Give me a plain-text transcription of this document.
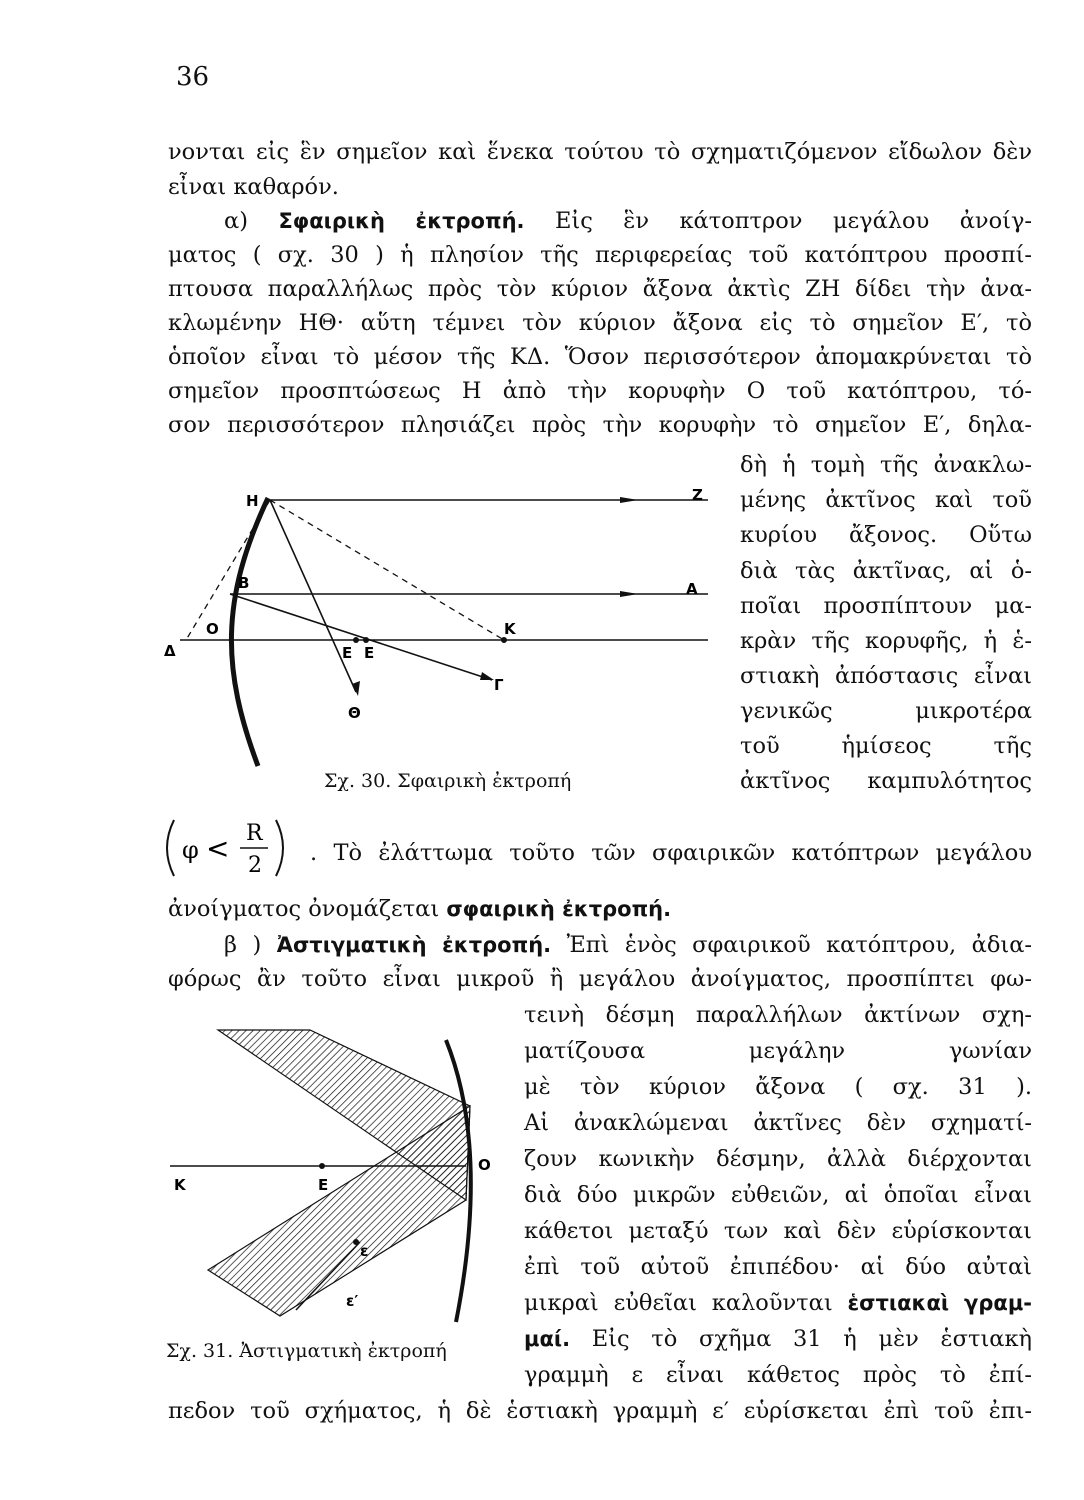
36
νονται εἰς ἓν σημεῖον καὶ ἕνεκα τούτου τὸ σχηματιζόμενον εἴδωλον δὲν
εἶναι καθαρόν.
α) Σφαιρικὴ ἐκτροπή. Εἰς ἓν κάτοπτρον μεγάλου ἀνοίγ-
ματος ( σχ. 30 ) ἡ πλησίον τῆς περιφερείας τοῦ κατόπτρου προσπί-
πτουσα παραλλήλως πρὸς τὸν κύριον ἄξονα ἀκτὶς ΖΗ δίδει τὴν ἀνα-
κλωμένην ΗΘ· αὕτη τέμνει τὸν κύριον ἄξονα εἰς τὸ σημεῖον Ε′, τὸ
ὁποῖον εἶναι τὸ μέσον τῆς ΚΔ. Ὅσον περισσότερον ἀπομακρύνεται τὸ
σημεῖον προσπτώσεως Η ἀπὸ τὴν κορυφὴν Ο τοῦ κατόπτρου, τό-
σον περισσότερον πλησιάζει πρὸς τὴν κορυφὴν τὸ σημεῖον Ε′, δηλα-
δὴ ἡ τομὴ τῆς ἀνακλω-
μένης ἀκτῖνος καὶ τοῦ
κυρίου ἄξονος. Οὕτω
διὰ τὰς ἀκτῖνας, αἱ ὁ-
ποῖαι προσπίπτουν μα-
κρὰν τῆς κορυφῆς, ἡ ἑ-
στιακὴ ἀπόστασις εἶναι
γενικῶς μικροτέρα
τοῦ ἡμίσεος τῆς
ἀκτῖνος καμπυλότητος
Η	Ζ
Β	Α
Ο	Κ
Δ	Ε Ε
Γ
Θ
Σχ. 30. Σφαιρικὴ ἐκτροπή
φ < R
2 . Τὸ ἐλάττωμα τοῦτο τῶν σφαιρικῶν κατόπτρων μεγάλου
ἀνοίγματος ὀνομάζεται σφαιρικὴ ἐκτροπή.
β ) Ἀστιγματικὴ ἐκτροπή. Ἐπὶ ἑνὸς σφαιρικοῦ κατόπτρου, ἀδια-
φόρως ἂν τοῦτο εἶναι μικροῦ ἢ μεγάλου ἀνοίγματος, προσπίπτει φω-
τεινὴ δέσμη παραλλήλων ἀκτίνων σχη-
ματίζουσα μεγάλην γωνίαν
μὲ τὸν κύριον ἄξονα ( σχ. 31 ).
Αἱ ἀνακλώμεναι ἀκτῖνες δὲν σχηματί-
ζουν κωνικὴν δέσμην, ἀλλὰ διέρχονται
διὰ δύο μικρῶν εὐθειῶν, αἱ ὁποῖαι εἶναι
κάθετοι μεταξύ των καὶ δὲν εὑρίσκονται
ἐπὶ τοῦ αὐτοῦ ἐπιπέδου· αἱ δύο αὐταὶ
μικραὶ εὐθεῖαι καλοῦνται ἑστιακαὶ γραμ-
μαί. Εἰς τὸ σχῆμα 31 ἡ μὲν ἑστιακὴ
γραμμὴ ε εἶναι κάθετος πρὸς τὸ ἐπί-
πεδον τοῦ σχήματος, ἡ δὲ ἑστιακὴ γραμμὴ ε′ εὑρίσκεται ἐπὶ τοῦ ἐπι-
Κ	Ε
Ο
ε
ε′
Σχ. 31. Ἀστιγματικὴ ἐκτροπή
